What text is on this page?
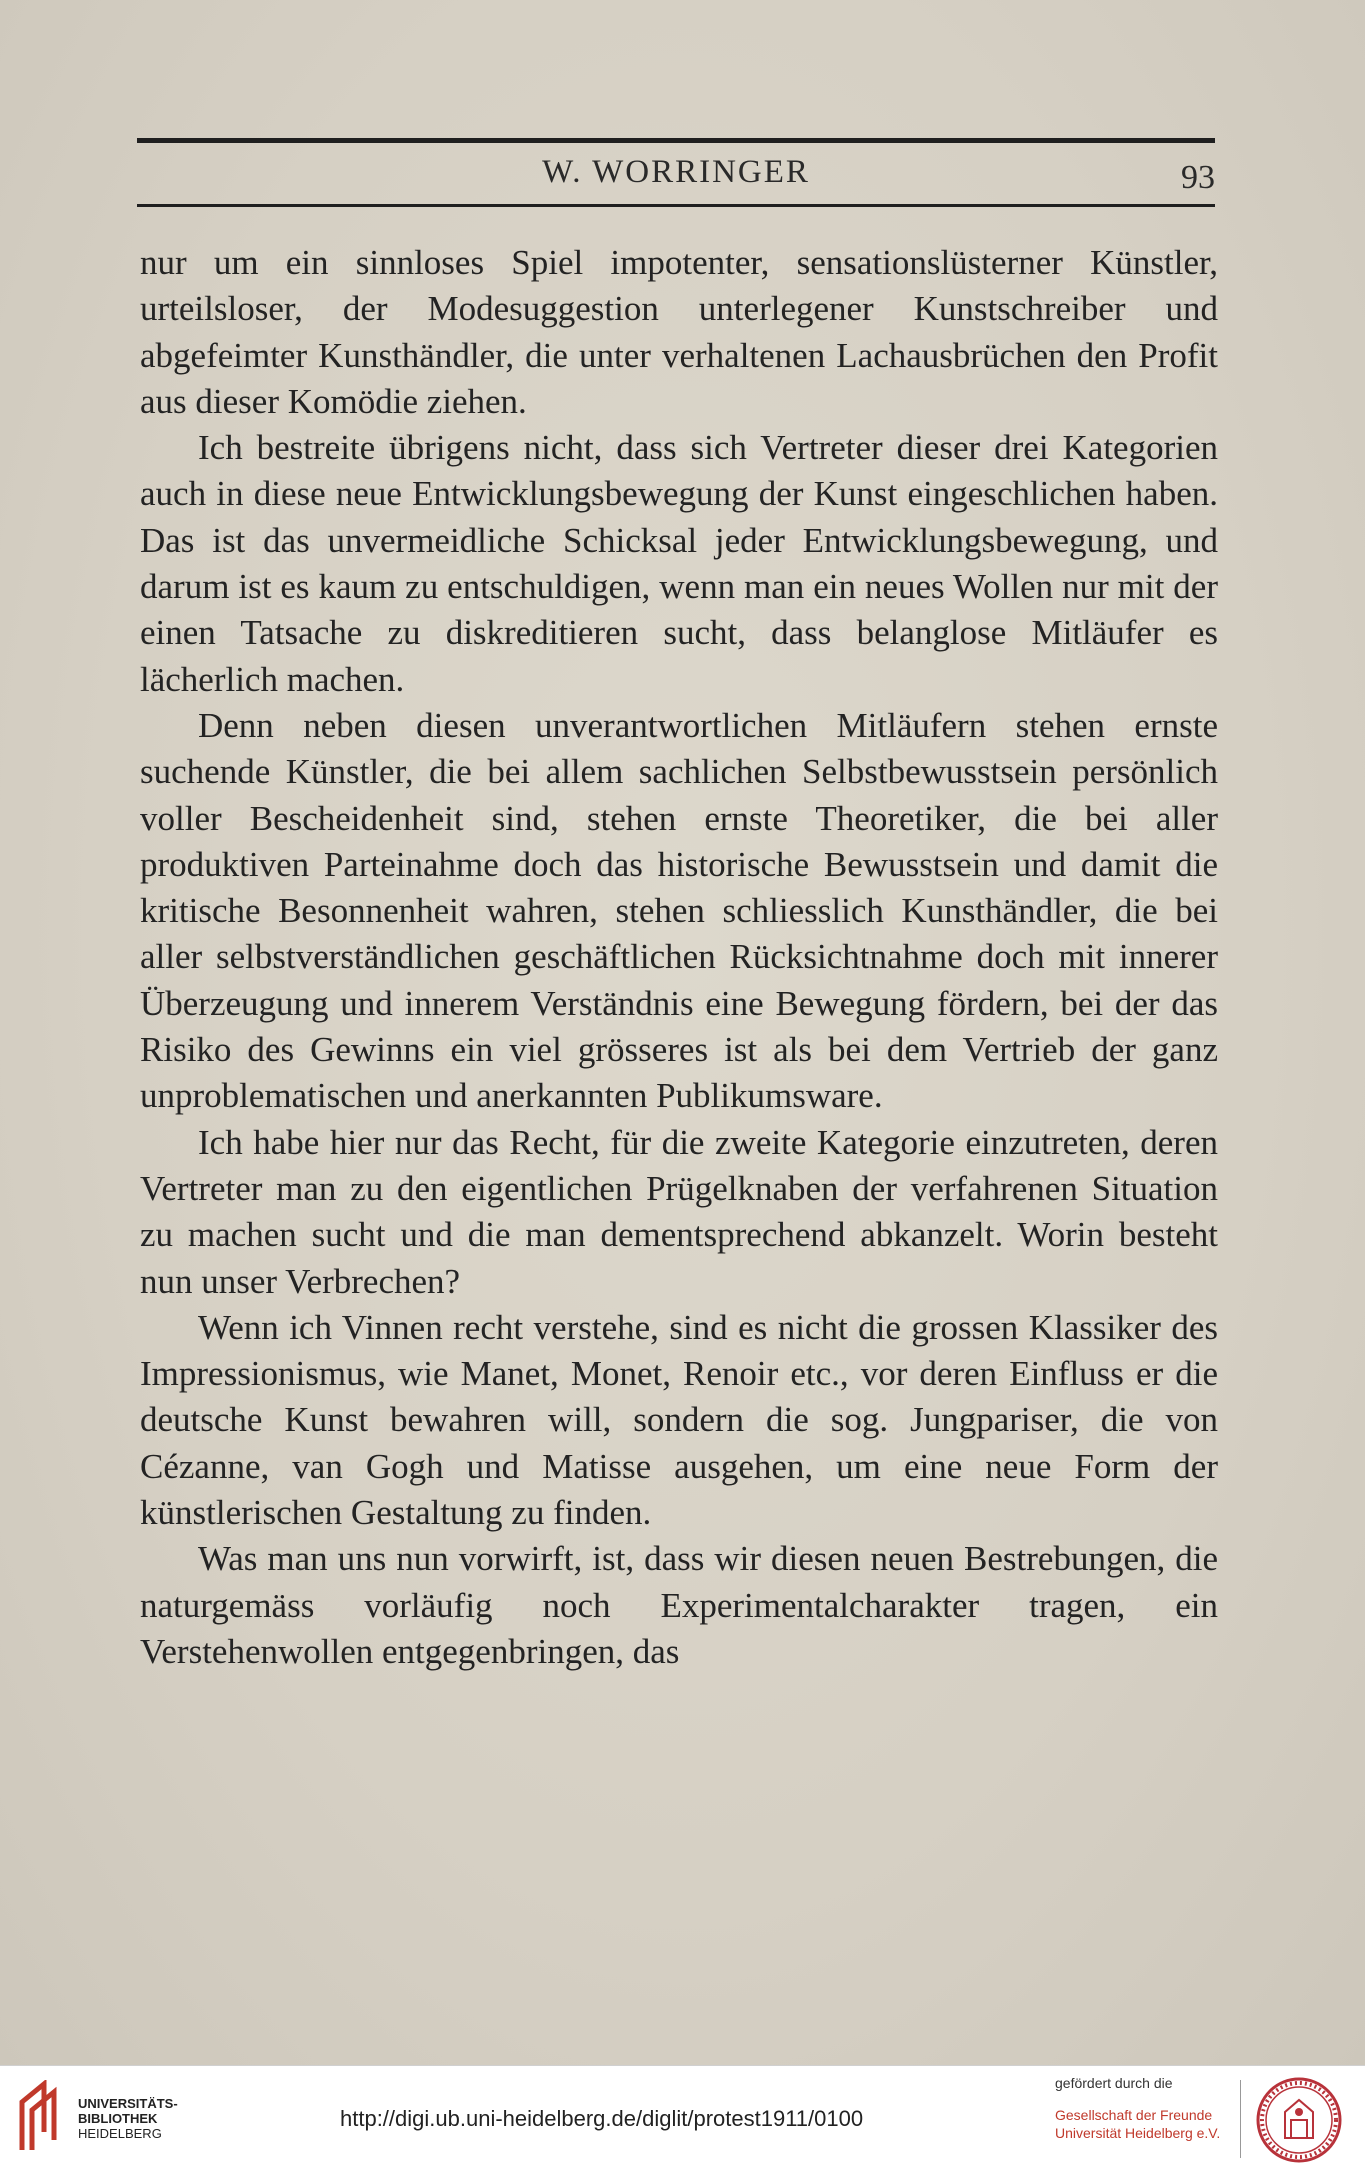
W. WORRINGER	93

nur um ein sinnloses Spiel impotenter, sensationslüsterner Künstler, urteilsloser, der Modesuggestion unterlegener Kunstschreiber und abgefeimter Kunsthändler, die unter verhaltenen Lachausbrüchen den Profit aus dieser Komödie ziehen.

Ich bestreite übrigens nicht, dass sich Vertreter dieser drei Kategorien auch in diese neue Entwicklungsbewegung der Kunst eingeschlichen haben. Das ist das unvermeidliche Schicksal jeder Entwicklungsbewegung, und darum ist es kaum zu entschuldigen, wenn man ein neues Wollen nur mit der einen Tatsache zu diskreditieren sucht, dass belanglose Mitläufer es lächerlich machen.

Denn neben diesen unverantwortlichen Mitläufern stehen ernste suchende Künstler, die bei allem sachlichen Selbstbewusstsein persönlich voller Bescheidenheit sind, stehen ernste Theoretiker, die bei aller produktiven Parteinahme doch das historische Bewusstsein und damit die kritische Besonnenheit wahren, stehen schliesslich Kunsthändler, die bei aller selbstverständlichen geschäftlichen Rücksichtnahme doch mit innerer Überzeugung und innerem Verständnis eine Bewegung fördern, bei der das Risiko des Gewinns ein viel grösseres ist als bei dem Vertrieb der ganz unproblematischen und anerkannten Publikumsware.

Ich habe hier nur das Recht, für die zweite Kategorie einzutreten, deren Vertreter man zu den eigentlichen Prügelknaben der verfahrenen Situation zu machen sucht und die man dementsprechend abkanzelt. Worin besteht nun unser Verbrechen?

Wenn ich Vinnen recht verstehe, sind es nicht die grossen Klassiker des Impressionismus, wie Manet, Monet, Renoir etc., vor deren Einfluss er die deutsche Kunst bewahren will, sondern die sog. Jungpariser, die von Cézanne, van Gogh und Matisse ausgehen, um eine neue Form der künstlerischen Gestaltung zu finden.

Was man uns nun vorwirft, ist, dass wir diesen neuen Bestrebungen, die naturgemäss vorläufig noch Experimentalcharakter tragen, ein Verstehenwollen entgegenbringen, das

UNIVERSITÄTS-
BIBLIOTHEK
HEIDELBERG
http://digi.ub.uni-heidelberg.de/diglit/protest1911/0100
gefördert durch die
Gesellschaft der Freunde
Universität Heidelberg e.V.
